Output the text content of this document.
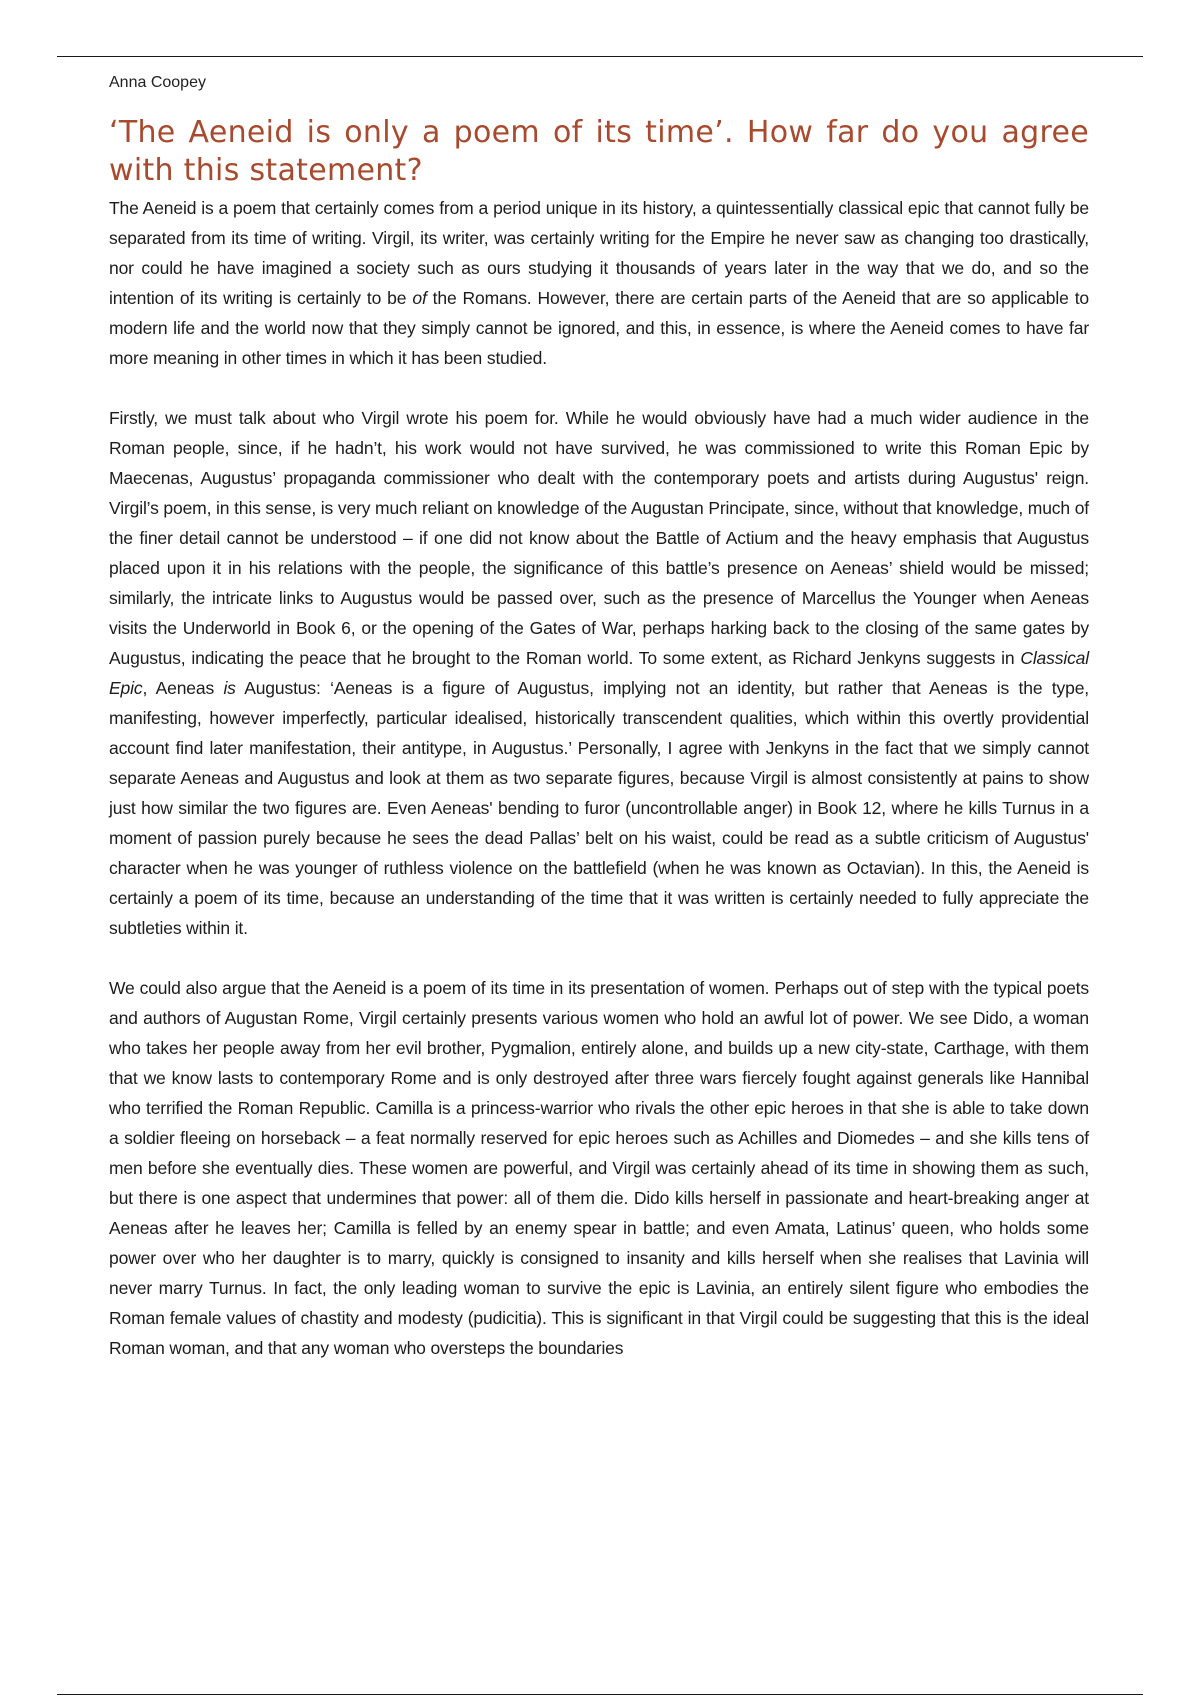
Anna Coopey
‘The Aeneid is only a poem of its time’. How far do you agree with this statement?

The Aeneid is a poem that certainly comes from a period unique in its history, a quintessentially classical epic that cannot fully be separated from its time of writing. Virgil, its writer, was certainly writing for the Empire he never saw as changing too drastically, nor could he have imagined a society such as ours studying it thousands of years later in the way that we do, and so the intention of its writing is certainly to be of the Romans. However, there are certain parts of the Aeneid that are so applicable to modern life and the world now that they simply cannot be ignored, and this, in essence, is where the Aeneid comes to have far more meaning in other times in which it has been studied.

Firstly, we must talk about who Virgil wrote his poem for. While he would obviously have had a much wider audience in the Roman people, since, if he hadn’t, his work would not have survived, he was commissioned to write this Roman Epic by Maecenas, Augustus’ propaganda commissioner who dealt with the contemporary poets and artists during Augustus' reign. Virgil’s poem, in this sense, is very much reliant on knowledge of the Augustan Principate, since, without that knowledge, much of the finer detail cannot be understood – if one did not know about the Battle of Actium and the heavy emphasis that Augustus placed upon it in his relations with the people, the significance of this battle’s presence on Aeneas’ shield would be missed; similarly, the intricate links to Augustus would be passed over, such as the presence of Marcellus the Younger when Aeneas visits the Underworld in Book 6, or the opening of the Gates of War, perhaps harking back to the closing of the same gates by Augustus, indicating the peace that he brought to the Roman world. To some extent, as Richard Jenkyns suggests in Classical Epic, Aeneas is Augustus: ‘Aeneas is a figure of Augustus, implying not an identity, but rather that Aeneas is the type, manifesting, however imperfectly, particular idealised, historically transcendent qualities, which within this overtly providential account find later manifestation, their antitype, in Augustus.’ Personally, I agree with Jenkyns in the fact that we simply cannot separate Aeneas and Augustus and look at them as two separate figures, because Virgil is almost consistently at pains to show just how similar the two figures are. Even Aeneas' bending to furor (uncontrollable anger) in Book 12, where he kills Turnus in a moment of passion purely because he sees the dead Pallas’ belt on his waist, could be read as a subtle criticism of Augustus' character when he was younger of ruthless violence on the battlefield (when he was known as Octavian). In this, the Aeneid is certainly a poem of its time, because an understanding of the time that it was written is certainly needed to fully appreciate the subtleties within it.

We could also argue that the Aeneid is a poem of its time in its presentation of women. Perhaps out of step with the typical poets and authors of Augustan Rome, Virgil certainly presents various women who hold an awful lot of power. We see Dido, a woman who takes her people away from her evil brother, Pygmalion, entirely alone, and builds up a new city-state, Carthage, with them that we know lasts to contemporary Rome and is only destroyed after three wars fiercely fought against generals like Hannibal who terrified the Roman Republic. Camilla is a princess-warrior who rivals the other epic heroes in that she is able to take down a soldier fleeing on horseback – a feat normally reserved for epic heroes such as Achilles and Diomedes – and she kills tens of men before she eventually dies. These women are powerful, and Virgil was certainly ahead of its time in showing them as such, but there is one aspect that undermines that power: all of them die. Dido kills herself in passionate and heart-breaking anger at Aeneas after he leaves her; Camilla is felled by an enemy spear in battle; and even Amata, Latinus’ queen, who holds some power over who her daughter is to marry, quickly is consigned to insanity and kills herself when she realises that Lavinia will never marry Turnus. In fact, the only leading woman to survive the epic is Lavinia, an entirely silent figure who embodies the Roman female values of chastity and modesty (pudicitia). This is significant in that Virgil could be suggesting that this is the ideal Roman woman, and that any woman who oversteps the boundaries
